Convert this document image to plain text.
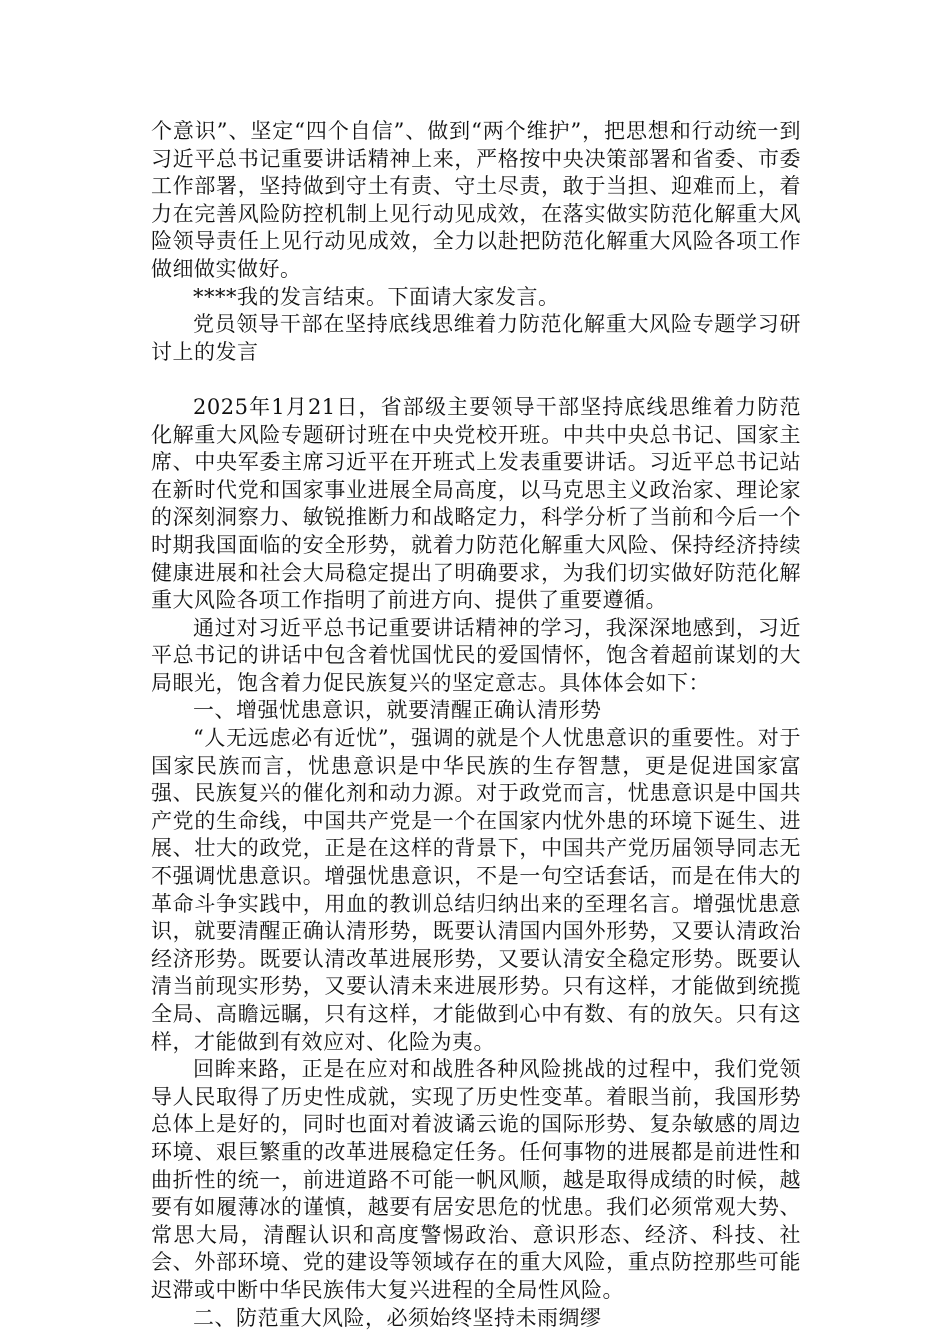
个意识”、坚定“四个自信”、做到“两个维护”，把思想和行动统一到习近平总书记重要讲话精神上来，严格按中央决策部署和省委、市委工作部署，坚持做到守土有责、守土尽责，敢于当担、迎难而上，着力在完善风险防控机制上见行动见成效，在落实做实防范化解重大风险领导责任上见行动见成效，全力以赴把防范化解重大风险各项工作做细做实做好。

****我的发言结束。下面请大家发言。

党员领导干部在坚持底线思维着力防范化解重大风险专题学习研讨上的发言

2025年1月21日，省部级主要领导干部坚持底线思维着力防范化解重大风险专题研讨班在中央党校开班。中共中央总书记、国家主席、中央军委主席习近平在开班式上发表重要讲话。习近平总书记站在新时代党和国家事业进展全局高度，以马克思主义政治家、理论家的深刻洞察力、敏锐推断力和战略定力，科学分析了当前和今后一个时期我国面临的安全形势，就着力防范化解重大风险、保持经济持续健康进展和社会大局稳定提出了明确要求，为我们切实做好防范化解重大风险各项工作指明了前进方向、提供了重要遵循。

通过对习近平总书记重要讲话精神的学习，我深深地感到，习近平总书记的讲话中包含着忧国忧民的爱国情怀，饱含着超前谋划的大局眼光，饱含着力促民族复兴的坚定意志。具体体会如下：

一、增强忧患意识，就要清醒正确认清形势

“人无远虑必有近忧”，强调的就是个人忧患意识的重要性。对于国家民族而言，忧患意识是中华民族的生存智慧，更是促进国家富强、民族复兴的催化剂和动力源。对于政党而言，忧患意识是中国共产党的生命线，中国共产党是一个在国家内忧外患的环境下诞生、进展、壮大的政党，正是在这样的背景下，中国共产党历届领导同志无不强调忧患意识。增强忧患意识，不是一句空话套话，而是在伟大的革命斗争实践中，用血的教训总结归纳出来的至理名言。增强忧患意识，就要清醒正确认清形势，既要认清国内国外形势，又要认清政治经济形势。既要认清改革进展形势，又要认清安全稳定形势。既要认清当前现实形势，又要认清未来进展形势。只有这样，才能做到统揽全局、高瞻远瞩，只有这样，才能做到心中有数、有的放矢。只有这样，才能做到有效应对、化险为夷。

回眸来路，正是在应对和战胜各种风险挑战的过程中，我们党领导人民取得了历史性成就，实现了历史性变革。着眼当前，我国形势总体上是好的，同时也面对着波谲云诡的国际形势、复杂敏感的周边环境、艰巨繁重的改革进展稳定任务。任何事物的进展都是前进性和曲折性的统一，前进道路不可能一帆风顺，越是取得成绩的时候，越要有如履薄冰的谨慎，越要有居安思危的忧患。我们必须常观大势、常思大局，清醒认识和高度警惕政治、意识形态、经济、科技、社会、外部环境、党的建设等领域存在的重大风险，重点防控那些可能迟滞或中断中华民族伟大复兴进程的全局性风险。

二、防范重大风险，必须始终坚持未雨绸缪
